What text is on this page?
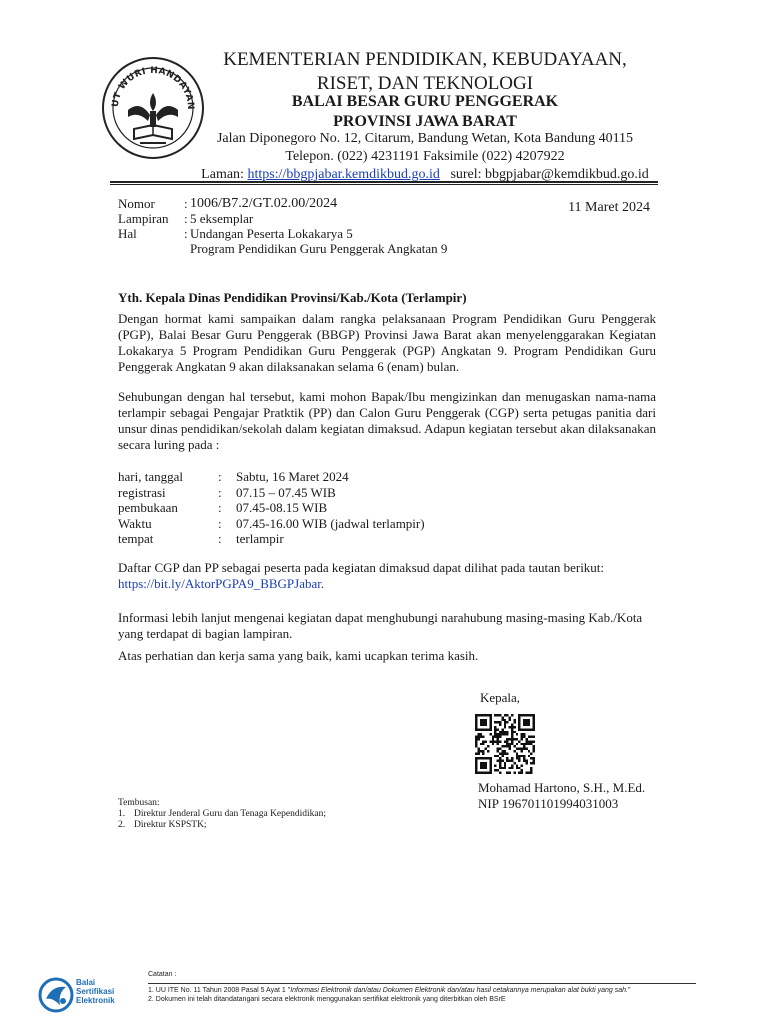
UT WURI HANDAYAN
KEMENTERIAN PENDIDIKAN, KEBUDAYAAN,
RISET, DAN TEKNOLOGI
BALAI BESAR GURU PENGGERAK
PROVINSI JAWA BARAT
Jalan Diponegoro No. 12, Citarum, Bandung Wetan, Kota Bandung 40115
Telepon. (022) 4231191 Faksimile (022) 4207922
Laman: https://bbgpjabar.kemdikbud.go.id surel: bbgpjabar@kemdikbud.go.id
Nomor	: 1006/B7.2/GT.02.00/2024
Lampiran	: 5 eksemplar
Hal	: Undangan Peserta Lokakarya 5
Program Pendidikan Guru Penggerak Angkatan 9
11 Maret 2024
Yth. Kepala Dinas Pendidikan Provinsi/Kab./Kota (Terlampir)
Dengan hormat kami sampaikan dalam rangka pelaksanaan Program Pendidikan Guru Penggerak (PGP), Balai Besar Guru Penggerak (BBGP) Provinsi Jawa Barat akan menyelenggarakan Kegiatan Lokakarya 5 Program Pendidikan Guru Penggerak (PGP) Angkatan 9. Program Pendidikan Guru Penggerak Angkatan 9 akan dilaksanakan selama 6 (enam) bulan.
Sehubungan dengan hal tersebut, kami mohon Bapak/Ibu mengizinkan dan menugaskan nama-nama terlampir sebagai Pengajar Pratktik (PP) dan Calon Guru Penggerak (CGP) serta petugas panitia dari unsur dinas pendidikan/sekolah dalam kegiatan dimaksud. Adapun kegiatan tersebut akan dilaksanakan secara luring pada :
hari, tanggal	:	Sabtu, 16 Maret 2024
registrasi	:	07.15 – 07.45 WIB
pembukaan	:	07.45-08.15 WIB
Waktu	:	07.45-16.00 WIB (jadwal terlampir)
tempat	:	terlampir
Daftar CGP dan PP sebagai peserta pada kegiatan dimaksud dapat dilihat pada tautan berikut:
https://bit.ly/AktorPGPA9_BBGPJabar.
Informasi lebih lanjut mengenai kegiatan dapat menghubungi narahubung masing-masing Kab./Kota yang terdapat di bagian lampiran.
Atas perhatian dan kerja sama yang baik, kami ucapkan terima kasih.
Kepala,
Mohamad Hartono, S.H., M.Ed.
NIP 196701101994031003
Tembusan:
1. Direktur Jenderal Guru dan Tenaga Kependidikan;
2. Direktur KSPSTK;
Balai
Sertifikasi
Elektronik
Catatan :
1. UU ITE No. 11 Tahun 2008 Pasal 5 Ayat 1 "Informasi Elektronik dan/atau Dokumen Elektronik dan/atau hasil cetakannya merupakan alat bukti yang sah."
2. Dokumen ini telah ditandatangani secara elektronik menggunakan sertifikat elektronik yang diterbitkan oleh BSrE
